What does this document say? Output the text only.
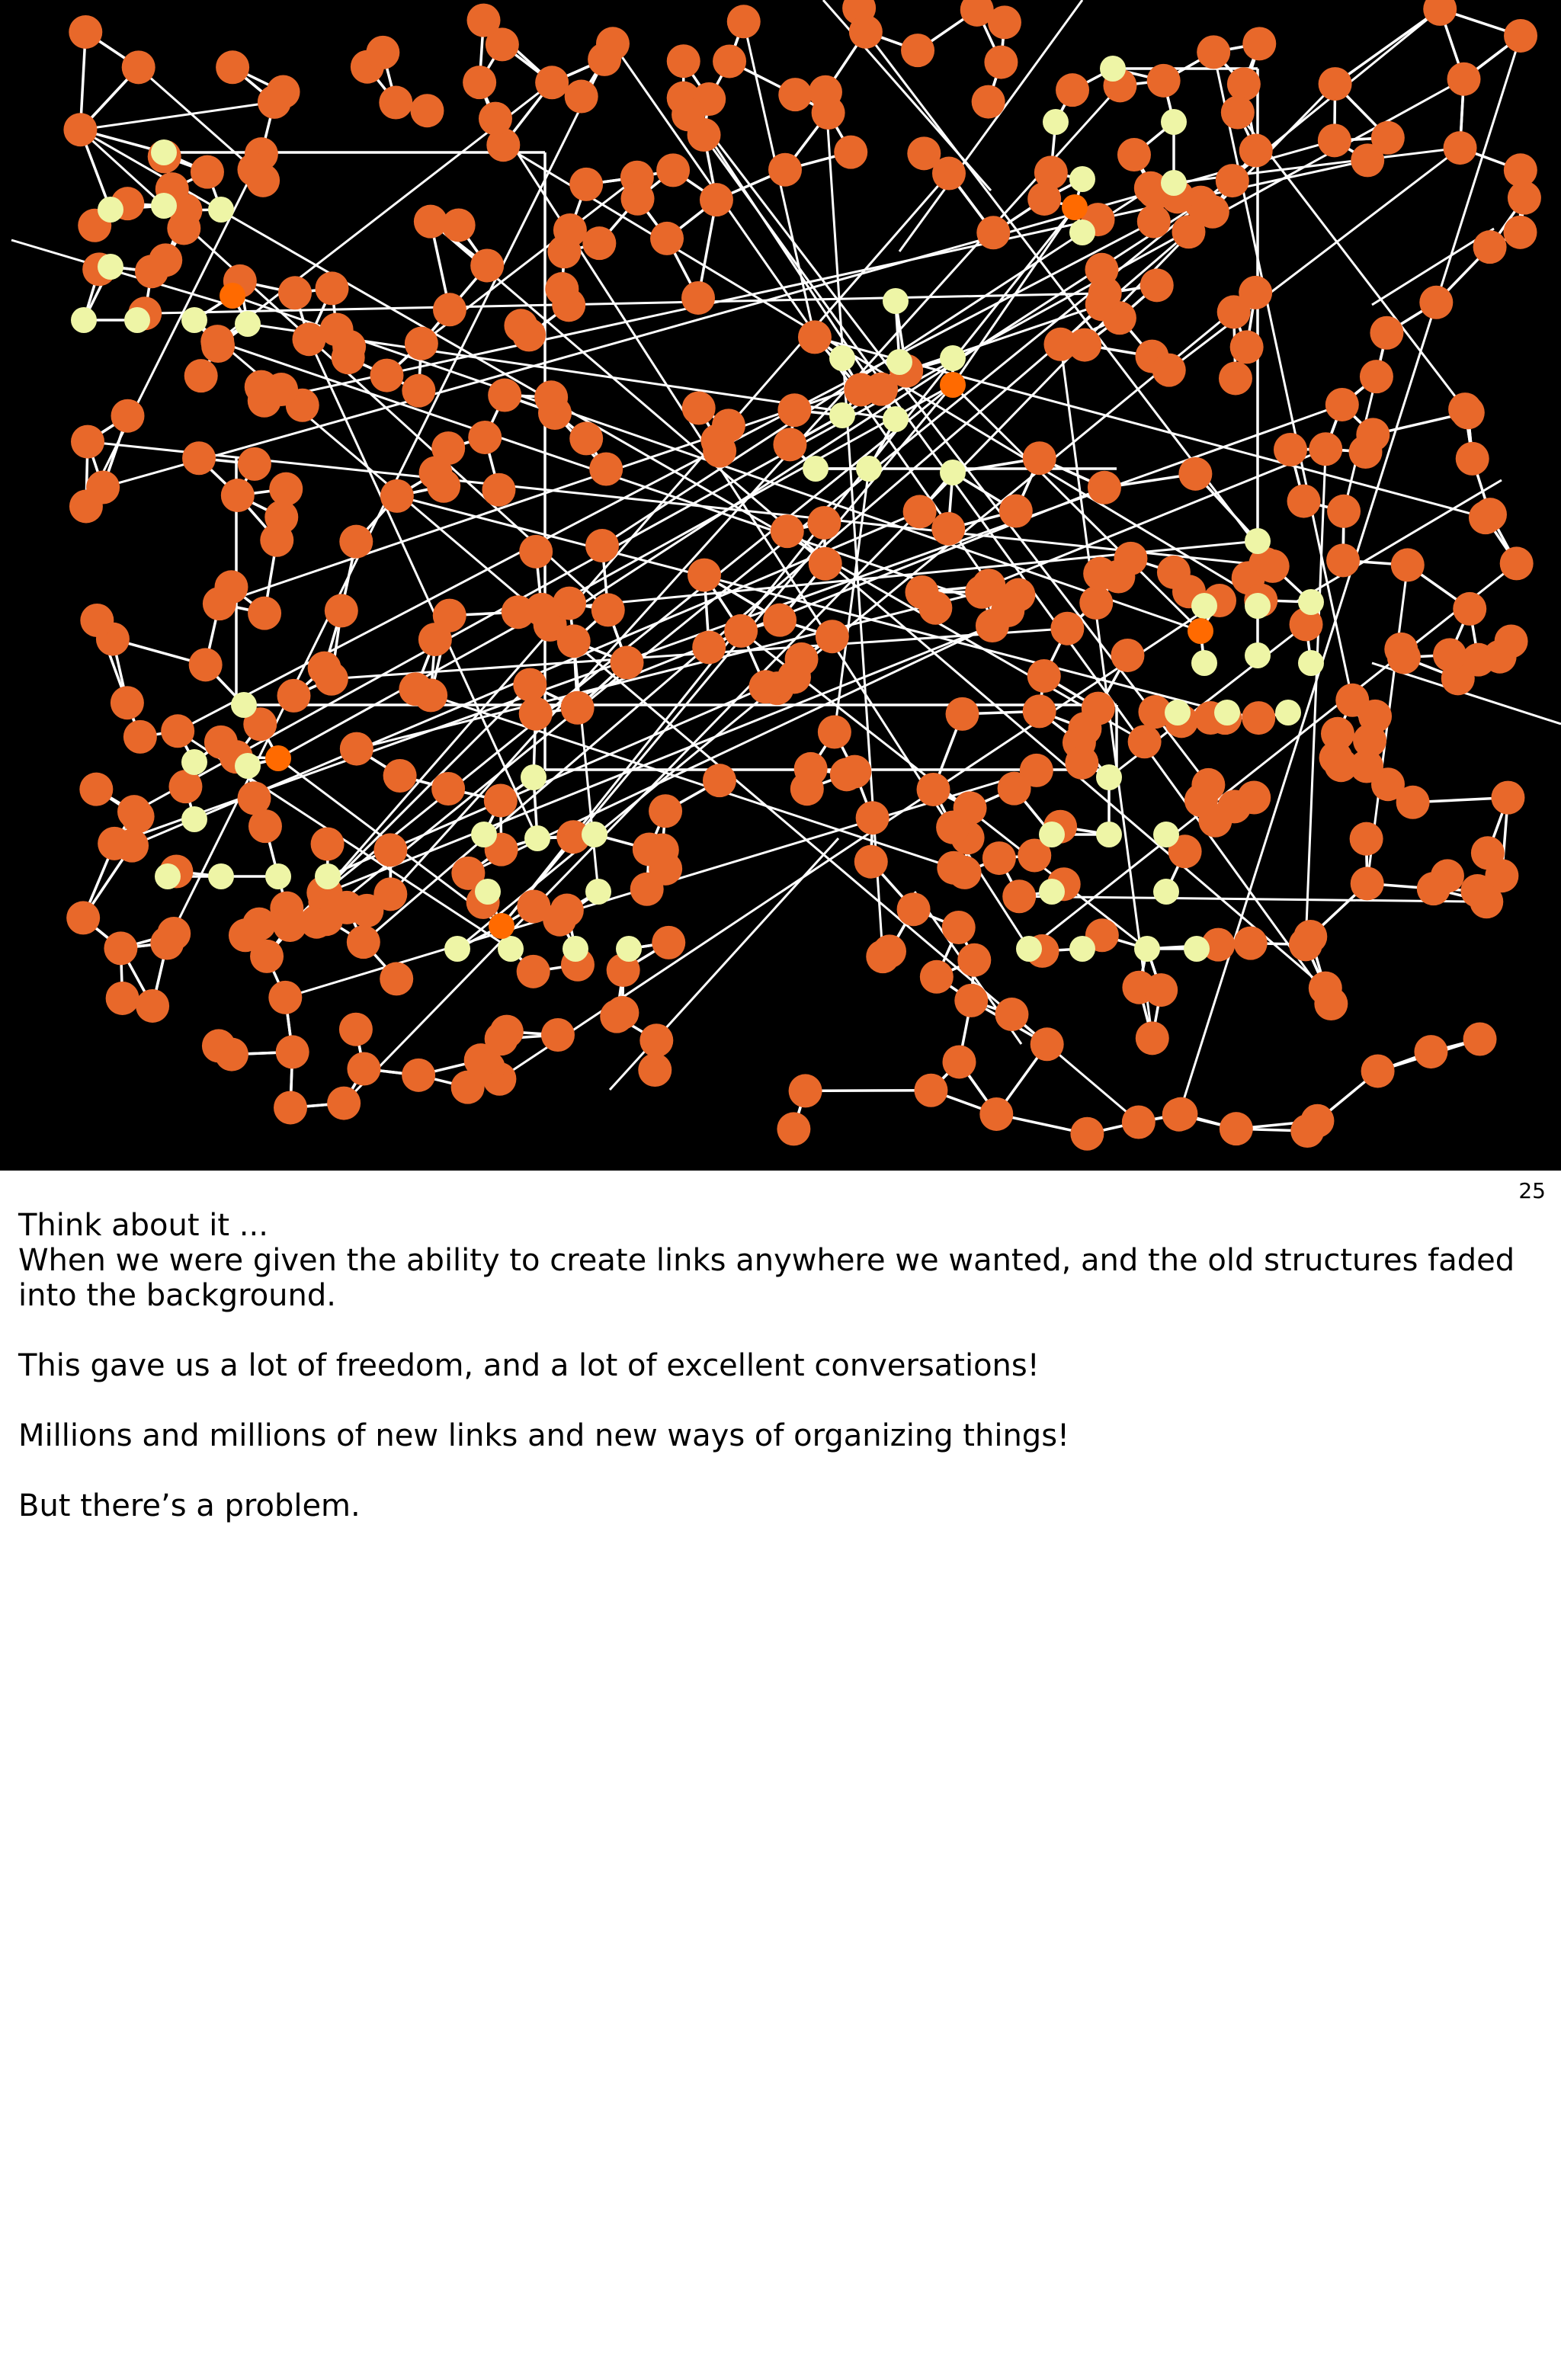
25

Think about it ...

When we were given the ability to create links anywhere we wanted, and the old structures faded into the background.

This gave us a lot of freedom, and a lot of excellent conversations!

Millions and millions of new links and new ways of organizing things!

But there’s a problem.
